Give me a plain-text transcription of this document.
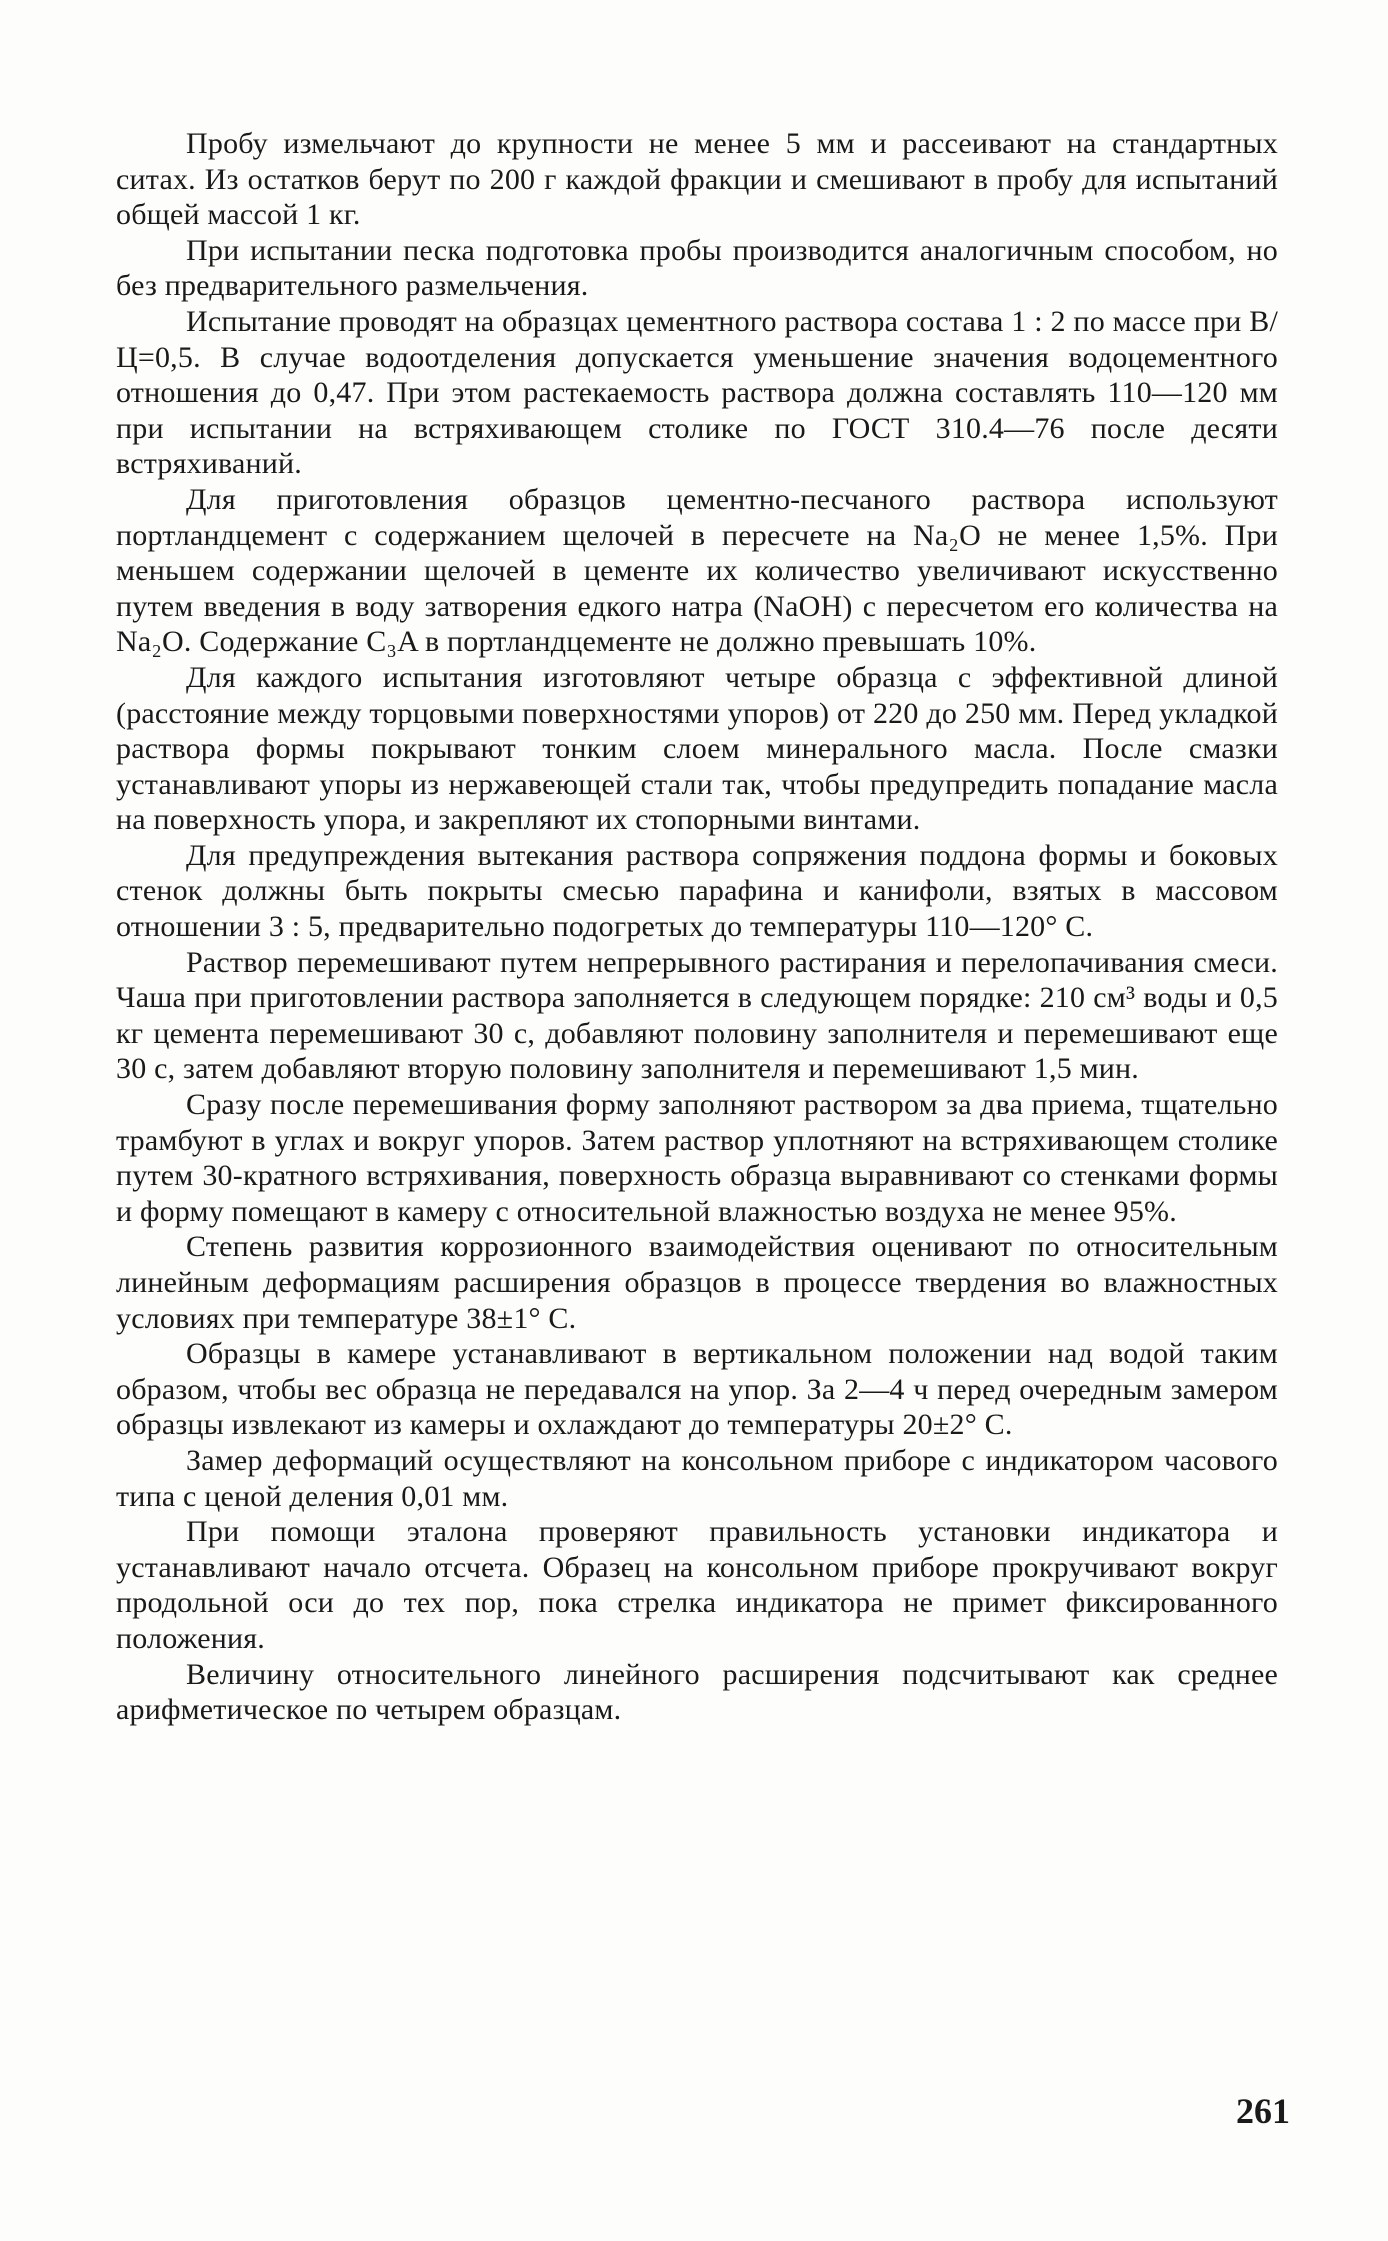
Пробу измельчают до крупности не менее 5 мм и рассеивают на стандартных ситах. Из остатков берут по 200 г каждой фракции и смешивают в пробу для испытаний общей массой 1 кг.

При испытании песка подготовка пробы производится аналогичным способом, но без предварительного размельчения.

Испытание проводят на образцах цементного раствора состава 1 : 2 по массе при В/Ц=0,5. В случае водоотделения допускается уменьшение значения водоцементного отношения до 0,47. При этом растекаемость раствора должна составлять 110—120 мм при испытании на встряхивающем столике по ГОСТ 310.4—76 после десяти встряхиваний.

Для приготовления образцов цементно-песчаного раствора используют портландцемент с содержанием щелочей в пересчете на Na₂O не менее 1,5%. При меньшем содержании щелочей в цементе их количество увеличивают искусственно путем введения в воду затворения едкого натра (NaOH) с пересчетом его количества на Na₂O. Содержание C₃A в портландцементе не должно превышать 10%.

Для каждого испытания изготовляют четыре образца с эффективной длиной (расстояние между торцовыми поверхностями упоров) от 220 до 250 мм. Перед укладкой раствора формы покрывают тонким слоем минерального масла. После смазки устанавливают упоры из нержавеющей стали так, чтобы предупредить попадание масла на поверхность упора, и закрепляют их стопорными винтами.

Для предупреждения вытекания раствора сопряжения поддона формы и боковых стенок должны быть покрыты смесью парафина и канифоли, взятых в массовом отношении 3 : 5, предварительно подогретых до температуры 110—120° С.

Раствор перемешивают путем непрерывного растирания и перелопачивания смеси. Чаша при приготовлении раствора заполняется в следующем порядке: 210 см³ воды и 0,5 кг цемента перемешивают 30 с, добавляют половину заполнителя и перемешивают еще 30 с, затем добавляют вторую половину заполнителя и перемешивают 1,5 мин.

Сразу после перемешивания форму заполняют раствором за два приема, тщательно трамбуют в углах и вокруг упоров. Затем раствор уплотняют на встряхивающем столике путем 30-кратного встряхивания, поверхность образца выравнивают со стенками формы и форму помещают в камеру с относительной влажностью воздуха не менее 95%.

Степень развития коррозионного взаимодействия оценивают по относительным линейным деформациям расширения образцов в процессе твердения во влажностных условиях при температуре 38±1° С.

Образцы в камере устанавливают в вертикальном положении над водой таким образом, чтобы вес образца не передавался на упор. За 2—4 ч перед очередным замером образцы извлекают из камеры и охлаждают до температуры 20±2° С.

Замер деформаций осуществляют на консольном приборе с индикатором часового типа с ценой деления 0,01 мм.

При помощи эталона проверяют правильность установки индикатора и устанавливают начало отсчета. Образец на консольном приборе прокручивают вокруг продольной оси до тех пор, пока стрелка индикатора не примет фиксированного положения.

Величину относительного линейного расширения подсчитывают как среднее арифметическое по четырем образцам.

261
